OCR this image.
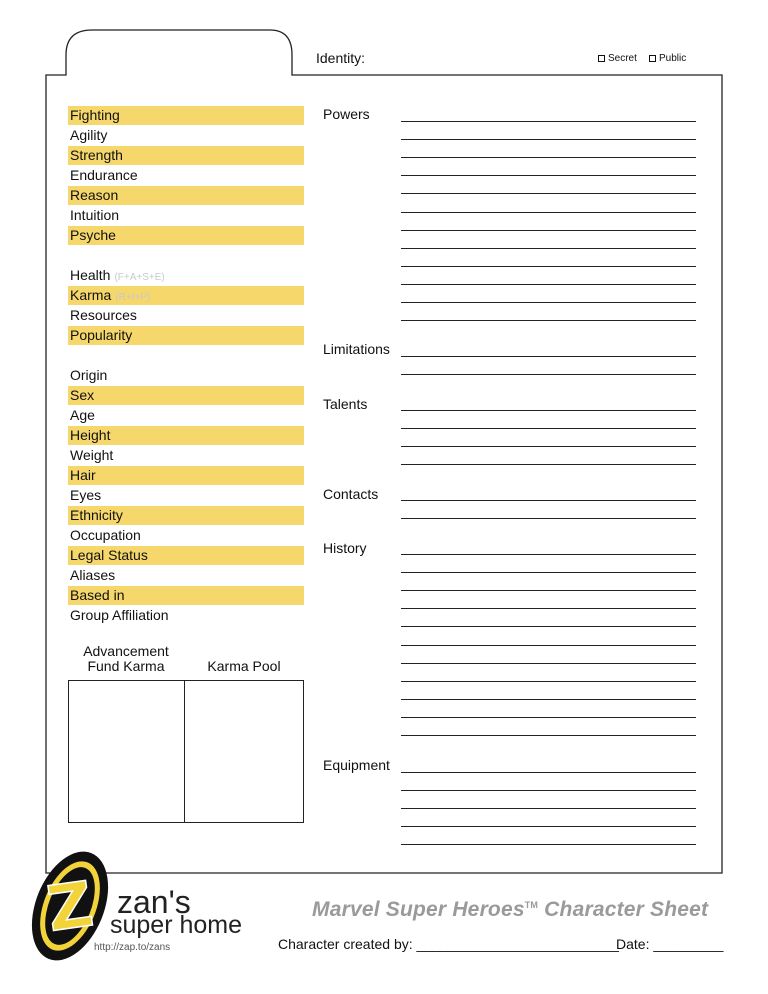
Identity:	Secret Public
Fighting
Agility
Strength
Endurance
Reason
Intuition
Psyche
Health (F+A+S+E)
Karma (R+I+P)
Resources
Popularity
Origin
Sex
Age
Height
Weight
Hair
Eyes
Ethnicity
Occupation
Legal Status
Aliases
Based in
Group Affiliation
Advancement
Fund Karma	Karma Pool
Powers
Limitations
Talents
Contacts
History
Equipment
Z zan's
super home
http://zap.to/zans
Marvel Super Heroes™ Character Sheet
Character created by: __________________________
Date: _________
